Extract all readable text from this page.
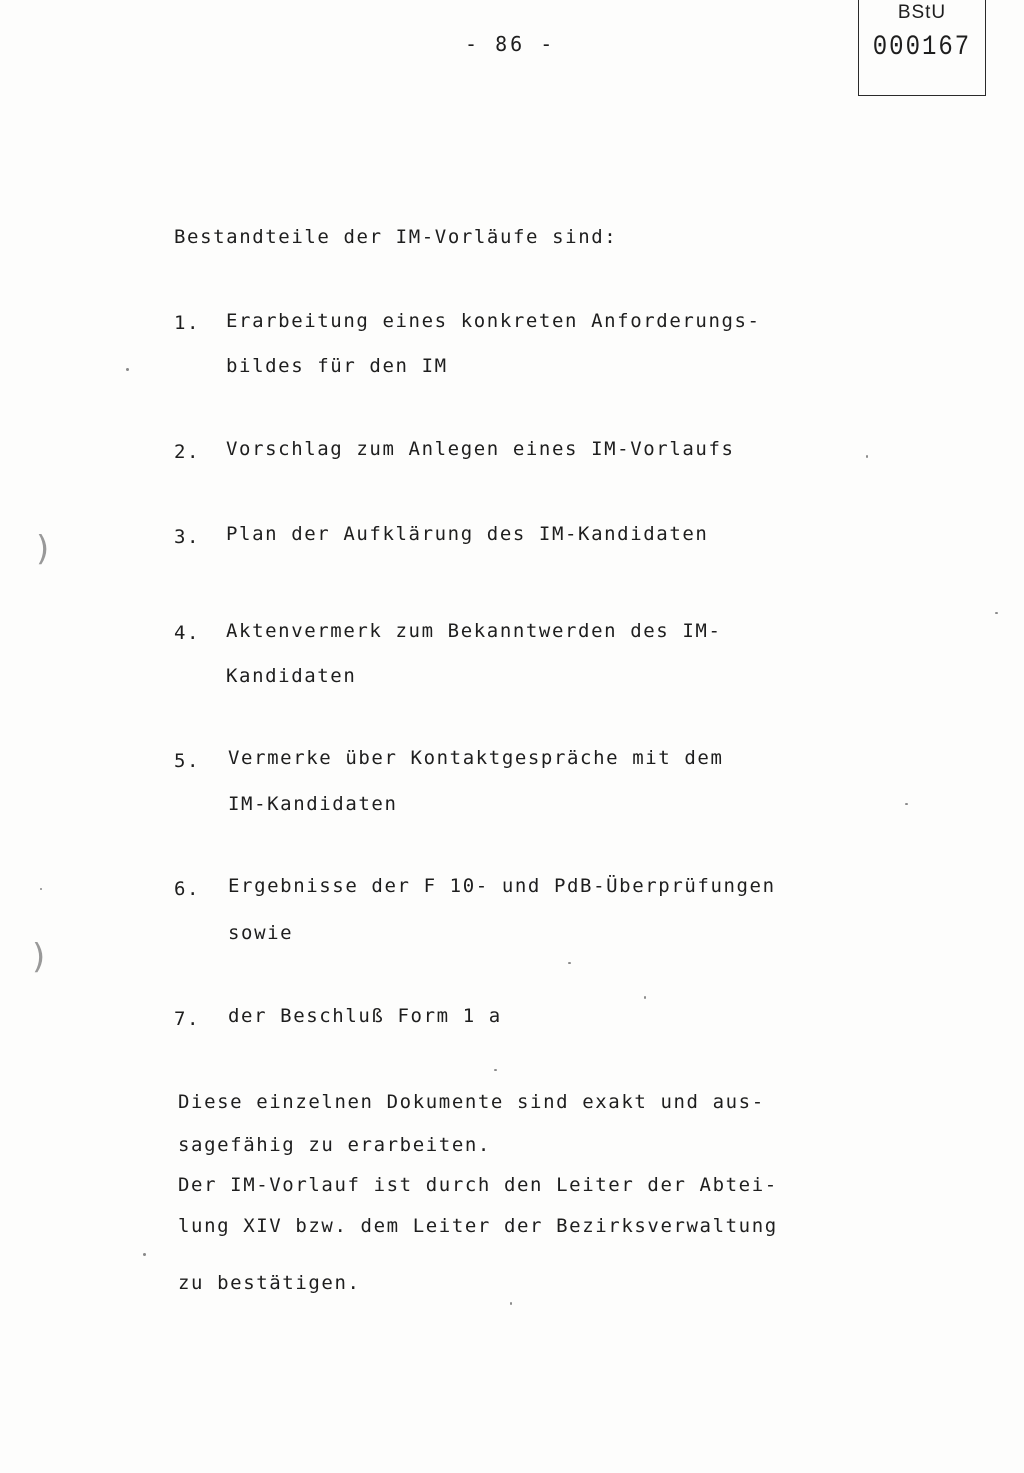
- 86 -
BStU
000167
Bestandteile der IM-Vorläufe sind:
1. Erarbeitung eines konkreten Anforderungs-
bildes für den IM
2. Vorschlag zum Anlegen eines IM-Vorlaufs
3. Plan der Aufklärung des IM-Kandidaten
4. Aktenvermerk zum Bekanntwerden des IM-
Kandidaten
5. Vermerke über Kontaktgespräche mit dem
IM-Kandidaten
6. Ergebnisse der F 10- und PdB-Überprüfungen
sowie
7. der Beschluß Form 1 a
Diese einzelnen Dokumente sind exakt und aus-
sagefähig zu erarbeiten.
Der IM-Vorlauf ist durch den Leiter der Abtei-
lung XIV bzw. dem Leiter der Bezirksverwaltung
zu bestätigen.
)
)
